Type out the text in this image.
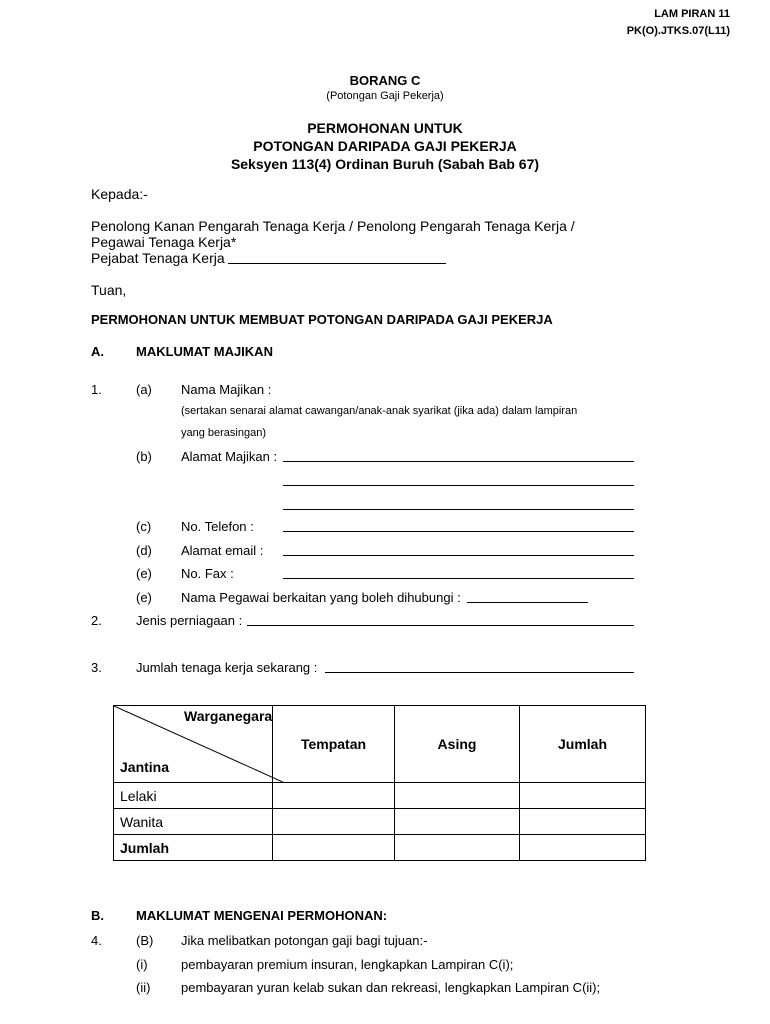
LAM PIRAN 11
PK(O).JTKS.07(L11)
BORANG C
(Potongan Gaji Pekerja)
PERMOHONAN UNTUK
POTONGAN DARIPADA GAJI PEKERJA
Seksyen 113(4) Ordinan Buruh (Sabah Bab 67)
Kepada:-
Penolong Kanan Pengarah Tenaga Kerja / Penolong Pengarah Tenaga Kerja /
Pegawai Tenaga Kerja*
Pejabat Tenaga Kerja
Tuan,
PERMOHONAN UNTUK MEMBUAT POTONGAN DARIPADA GAJI PEKERJA
A. MAKLUMAT MAJIKAN
1.	(a) Nama Majikan :
(sertakan senarai alamat cawangan/anak-anak syarikat (jika ada) dalam lampiran
yang berasingan)
(b) Alamat Majikan :
(c) No. Telefon :
(d) Alamat email :
(e) No. Fax :
(e) Nama Pegawai berkaitan yang boleh dihubungi :
2.	Jenis perniagaan :
3.	Jumlah tenaga kerja sekarang :
Warganegara
Jantina	Tempatan	Asing	Jumlah
Lelaki			
Wanita			
Jumlah			
B. MAKLUMAT MENGENAI PERMOHONAN:
4.	(B) Jika melibatkan potongan gaji bagi tujuan:-
(i)	pembayaran premium insuran, lengkapkan Lampiran C(i);
(ii) pembayaran yuran kelab sukan dan rekreasi, lengkapkan Lampiran C(ii);
